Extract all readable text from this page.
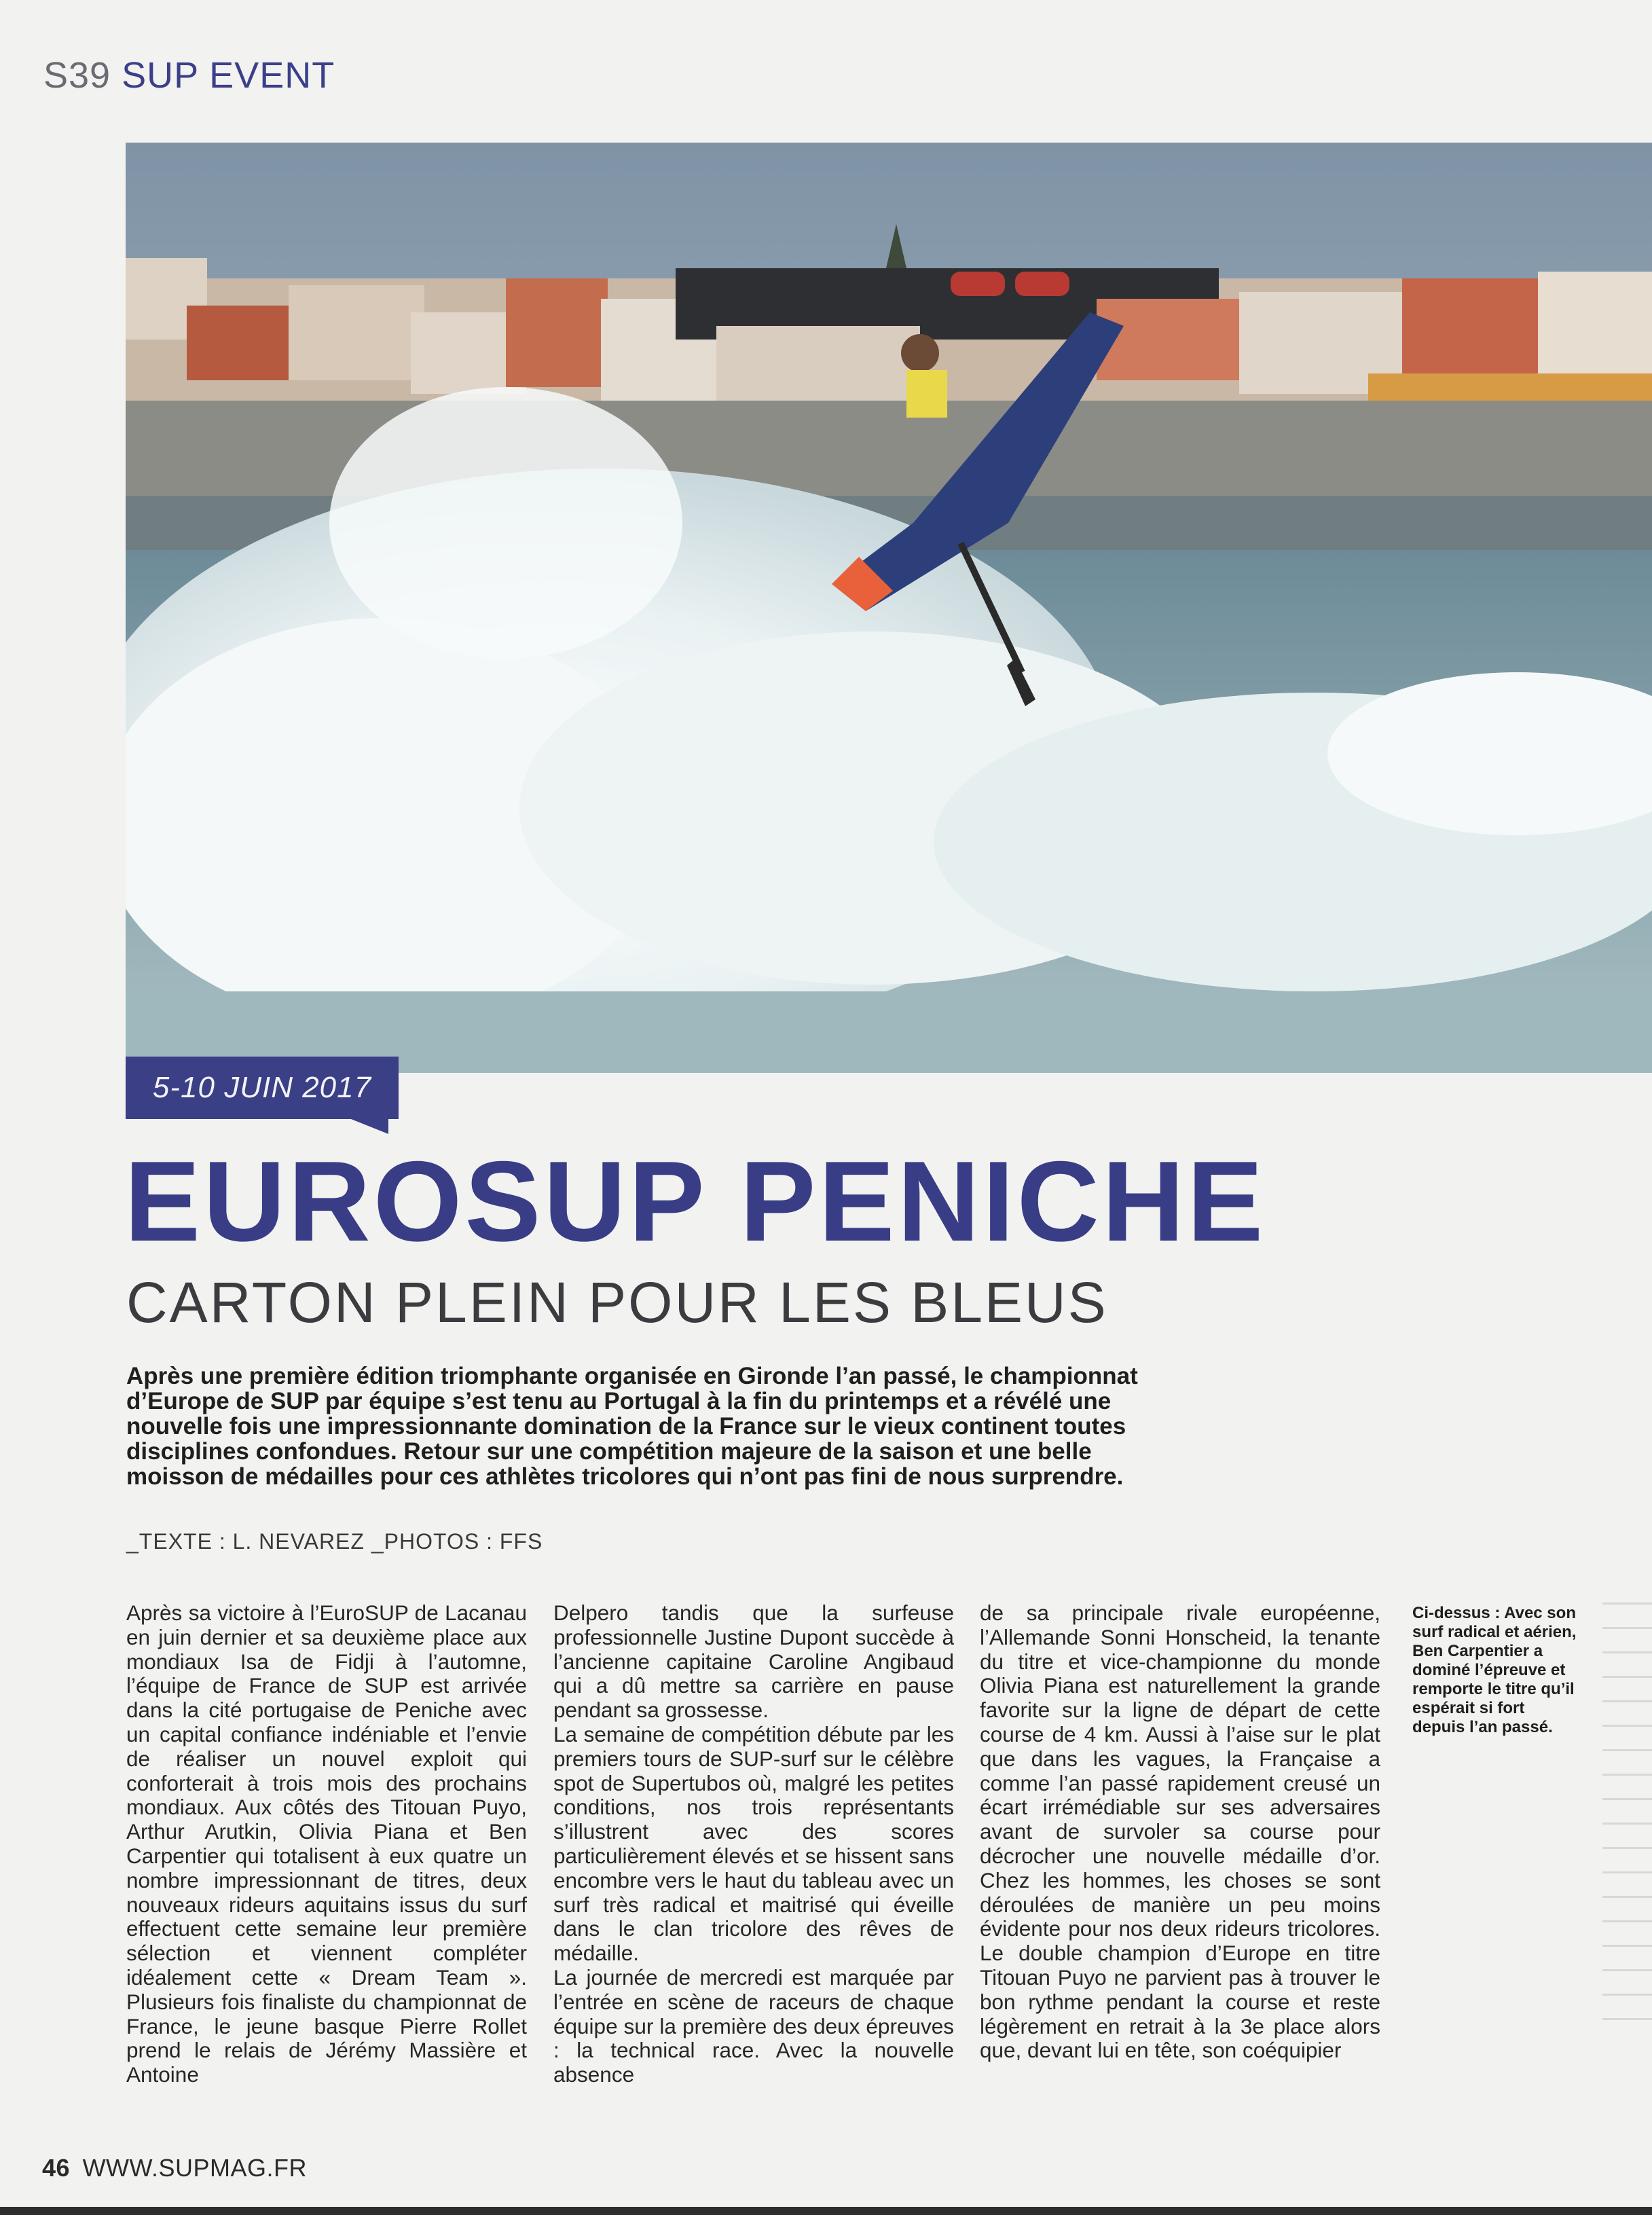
S39 SUP EVENT
5-10 JUIN 2017
EUROSUP PENICHE
CARTON PLEIN POUR LES BLEUS

Après une première édition triomphante organisée en Gironde l’an passé, le championnat d’Europe de SUP par équipe s’est tenu au Portugal à la fin du printemps et a révélé une nouvelle fois une impressionnante domination de la France sur le vieux continent toutes disciplines confondues. Retour sur une compétition majeure de la saison et une belle moisson de médailles pour ces athlètes tricolores qui n’ont pas fini de nous surprendre.

_TEXTE : L. NEVAREZ _PHOTOS : FFS

Après sa victoire à l’EuroSUP de Lacanau en juin dernier et sa deuxième place aux mondiaux Isa de Fidji à l’automne, l’équipe de France de SUP est arrivée dans la cité portugaise de Peniche avec un capital confiance indéniable et l’envie de réaliser un nouvel exploit qui conforterait à trois mois des prochains mondiaux. Aux côtés des Titouan Puyo, Arthur Arutkin, Olivia Piana et Ben Carpentier qui totalisent à eux quatre un nombre impressionnant de titres, deux nouveaux rideurs aquitains issus du surf effectuent cette semaine leur première sélection et viennent compléter idéalement cette « Dream Team ». Plusieurs fois finaliste du championnat de France, le jeune basque Pierre Rollet prend le relais de Jérémy Massière et Antoine

Delpero tandis que la surfeuse professionnelle Justine Dupont succède à l’ancienne capitaine Caroline Angibaud qui a dû mettre sa carrière en pause pendant sa grossesse.
La semaine de compétition débute par les premiers tours de SUP-surf sur le célèbre spot de Supertubos où, malgré les petites conditions, nos trois représentants s’illustrent avec des scores particulièrement élevés et se hissent sans encombre vers le haut du tableau avec un surf très radical et maitrisé qui éveille dans le clan tricolore des rêves de médaille.
La journée de mercredi est marquée par l’entrée en scène de raceurs de chaque équipe sur la première des deux épreuves : la technical race. Avec la nouvelle absence

de sa principale rivale européenne, l’Allemande Sonni Honscheid, la tenante du titre et vice-championne du monde Olivia Piana est naturellement la grande favorite sur la ligne de départ de cette course de 4 km. Aussi à l’aise sur le plat que dans les vagues, la Française a comme l’an passé rapidement creusé un écart irrémédiable sur ses adversaires avant de survoler sa course pour décrocher une nouvelle médaille d’or. Chez les hommes, les choses se sont déroulées de manière un peu moins évidente pour nos deux rideurs tricolores. Le double champion d’Europe en titre Titouan Puyo ne parvient pas à trouver le bon rythme pendant la course et reste légèrement en retrait à la 3e place alors que, devant lui en tête, son coéquipier

Ci-dessus : Avec son surf radical et aérien, Ben Carpentier a dominé l’épreuve et remporte le titre qu’il espérait si fort depuis l’an passé.

46 WWW.SUPMAG.FR
